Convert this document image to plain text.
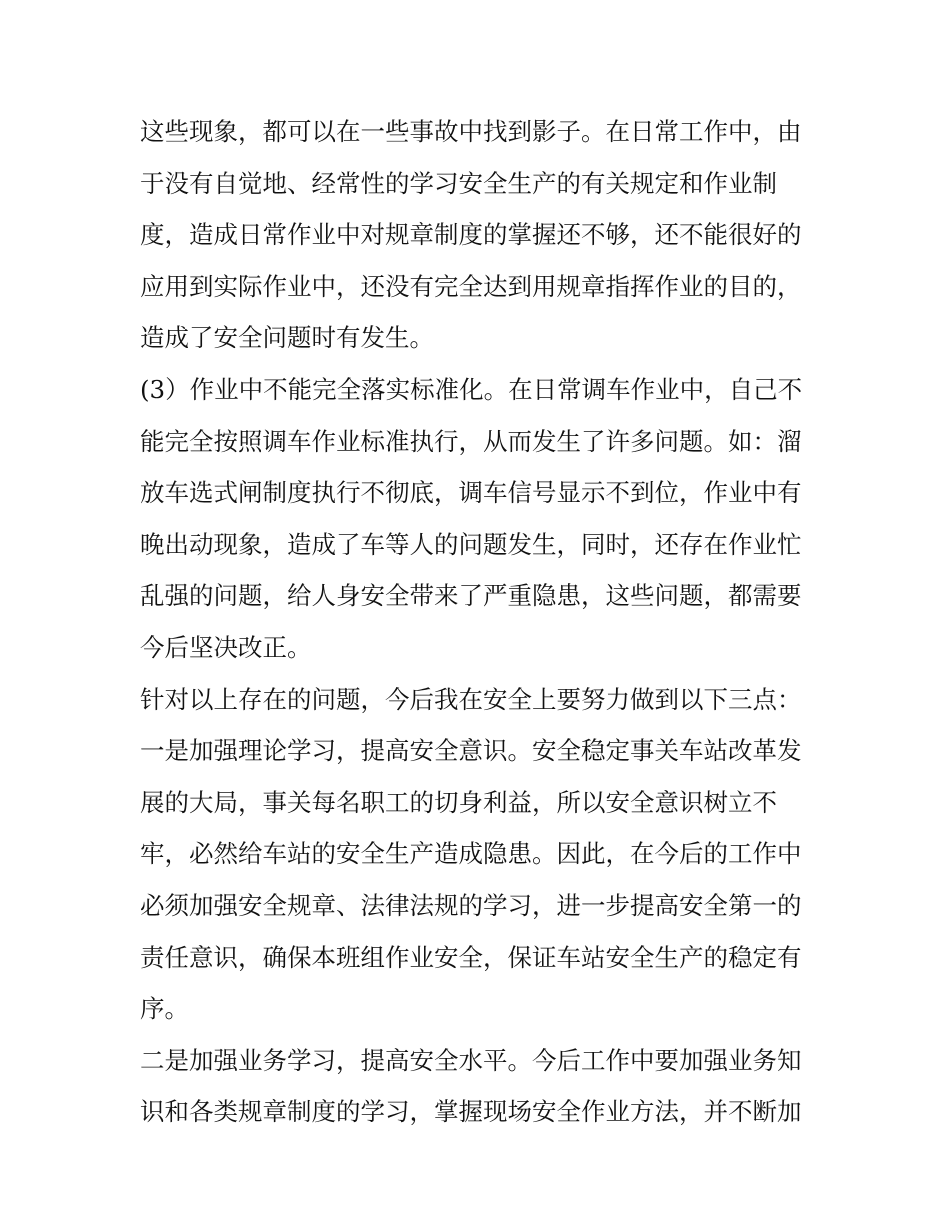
这些现象，都可以在一些事故中找到影子。在日常工作中，由
于没有自觉地、经常性的学习安全生产的有关规定和作业制
度，造成日常作业中对规章制度的掌握还不够，还不能很好的
应用到实际作业中，还没有完全达到用规章指挥作业的目的，
造成了安全问题时有发生。
(3）作业中不能完全落实标准化。在日常调车作业中，自己不
能完全按照调车作业标准执行，从而发生了许多问题。如：溜
放车选式闸制度执行不彻底，调车信号显示不到位，作业中有
晚出动现象，造成了车等人的问题发生，同时，还存在作业忙
乱强的问题，给人身安全带来了严重隐患，这些问题，都需要
今后坚决改正。
针对以上存在的问题，今后我在安全上要努力做到以下三点：
一是加强理论学习，提高安全意识。安全稳定事关车站改革发
展的大局，事关每名职工的切身利益，所以安全意识树立不
牢，必然给车站的安全生产造成隐患。因此，在今后的工作中
必须加强安全规章、法律法规的学习，进一步提高安全第一的
责任意识，确保本班组作业安全，保证车站安全生产的稳定有
序。
二是加强业务学习，提高安全水平。今后工作中要加强业务知
识和各类规章制度的学习，掌握现场安全作业方法，并不断加
